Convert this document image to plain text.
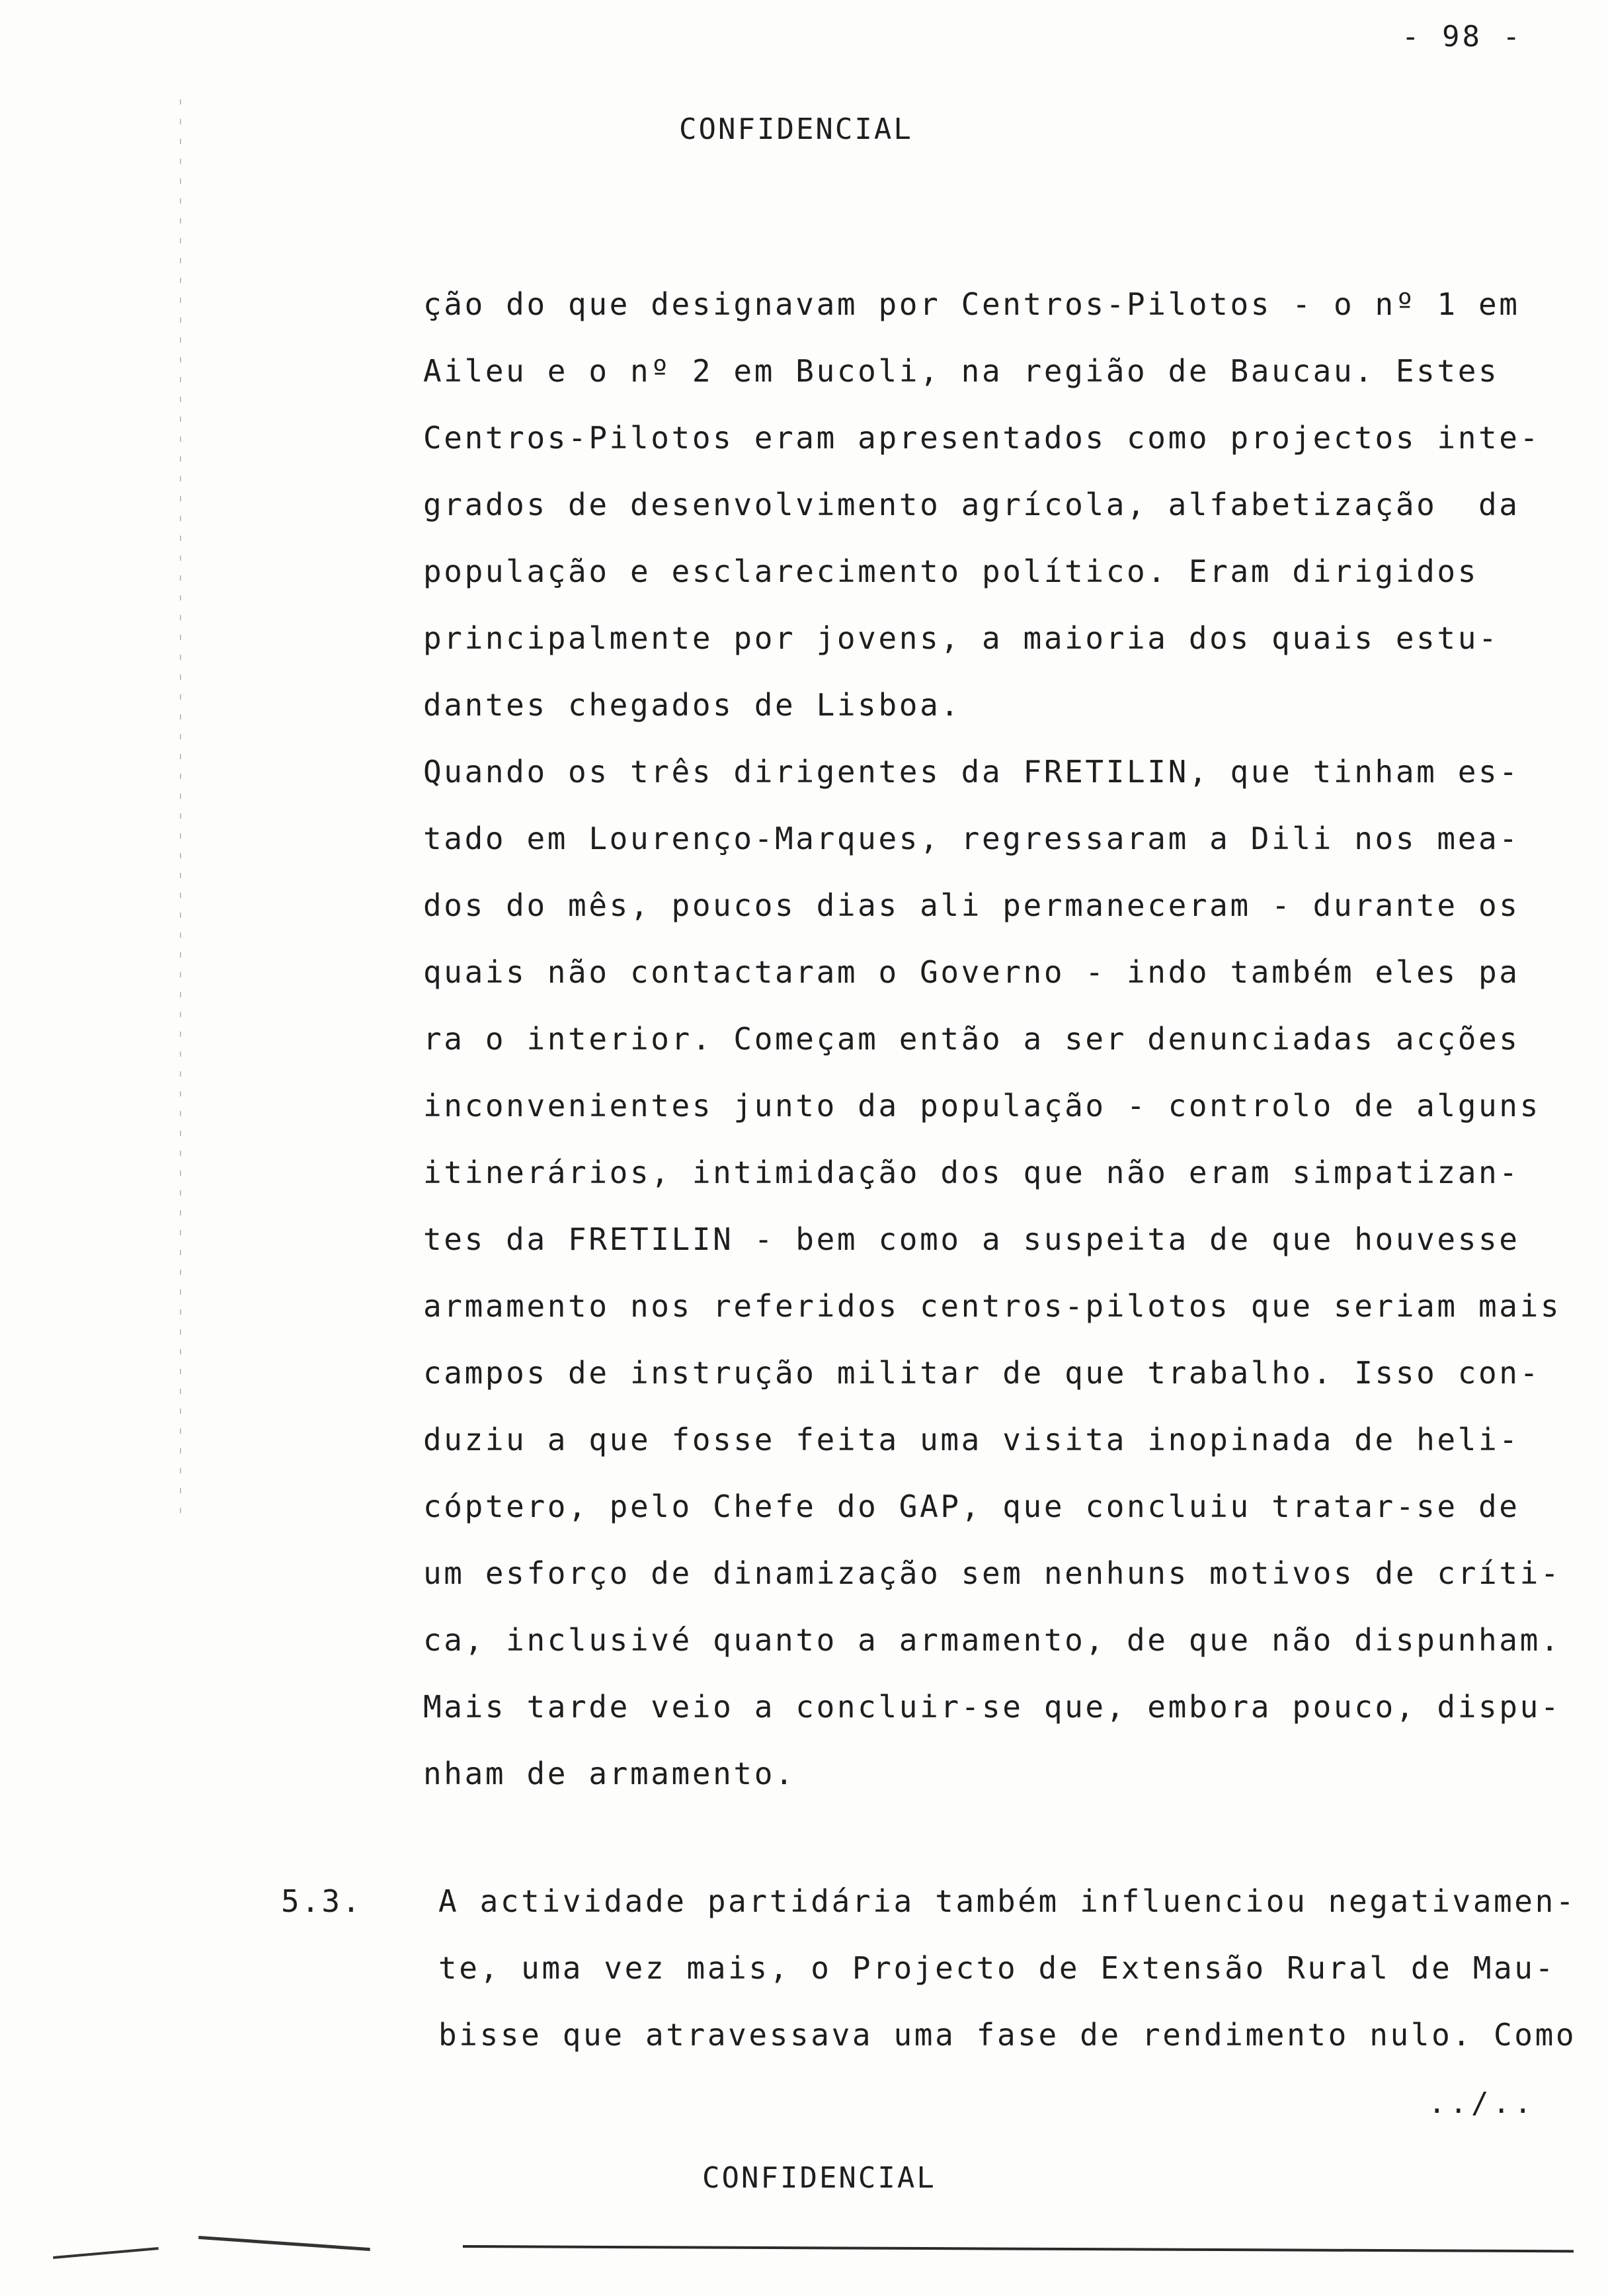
- 98 -
CONFIDENCIAL
ção do que designavam por Centros-Pilotos - o nº 1 em
Aileu e o nº 2 em Bucoli, na região de Baucau. Estes
Centros-Pilotos eram apresentados como projectos inte-
grados de desenvolvimento agrícola, alfabetização  da
população e esclarecimento político. Eram dirigidos
principalmente por jovens, a maioria dos quais estu-
dantes chegados de Lisboa.
Quando os três dirigentes da FRETILIN, que tinham es-
tado em Lourenço-Marques, regressaram a Dili nos mea-
dos do mês, poucos dias ali permaneceram - durante os
quais não contactaram o Governo - indo também eles pa
ra o interior. Começam então a ser denunciadas acções
inconvenientes junto da população - controlo de alguns
itinerários, intimidação dos que não eram simpatizan-
tes da FRETILIN - bem como a suspeita de que houvesse
armamento nos referidos centros-pilotos que seriam mais
campos de instrução militar de que trabalho. Isso con-
duziu a que fosse feita uma visita inopinada de heli-
cóptero, pelo Chefe do GAP, que concluiu tratar-se de
um esforço de dinamização sem nenhuns motivos de críti-
ca, inclusivé quanto a armamento, de que não dispunham.
Mais tarde veio a concluir-se que, embora pouco, dispu-
nham de armamento.
5.3.	A actividade partidária também influenciou negativamen-
te, uma vez mais, o Projecto de Extensão Rural de Mau-
bisse que atravessava uma fase de rendimento nulo. Como
../..
CONFIDENCIAL
